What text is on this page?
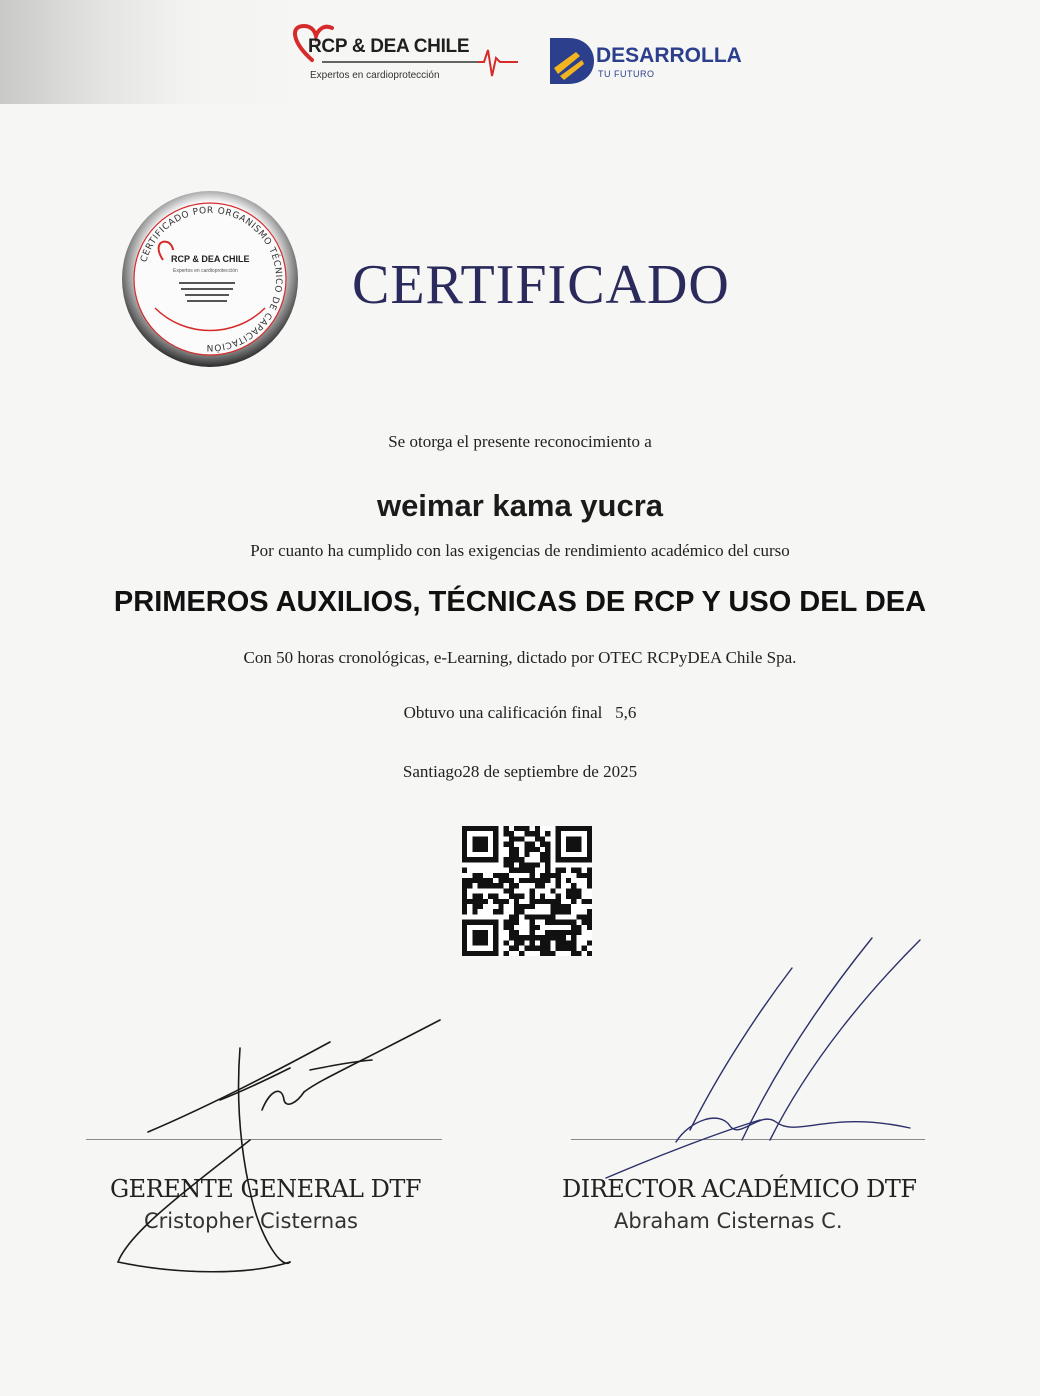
RCP & DEA CHILE
Expertos en cardioprotección
DESARROLLA
TU FUTURO
CERTIFICADO POR ORGANISMO TÉCNICO DE CAPACITACIÓN
RCP & DEA CHILE
Expertos en cardioprotección CERTIFICADO
Se otorga el presente reconocimiento a
weimar kama yucra
Por cuanto ha cumplido con las exigencias de rendimiento académico del curso
PRIMEROS AUXILIOS, TÉCNICAS DE RCP Y USO DEL DEA
Con 50 horas cronológicas, e-Learning, dictado por OTEC RCPyDEA Chile Spa.
Obtuvo una calificación final   5,6
Santiago28 de septiembre de 2025
GERENTE GENERAL DTF
Cristopher Cisternas
DIRECTOR ACADÉMICO DTF
Abraham Cisternas C.
